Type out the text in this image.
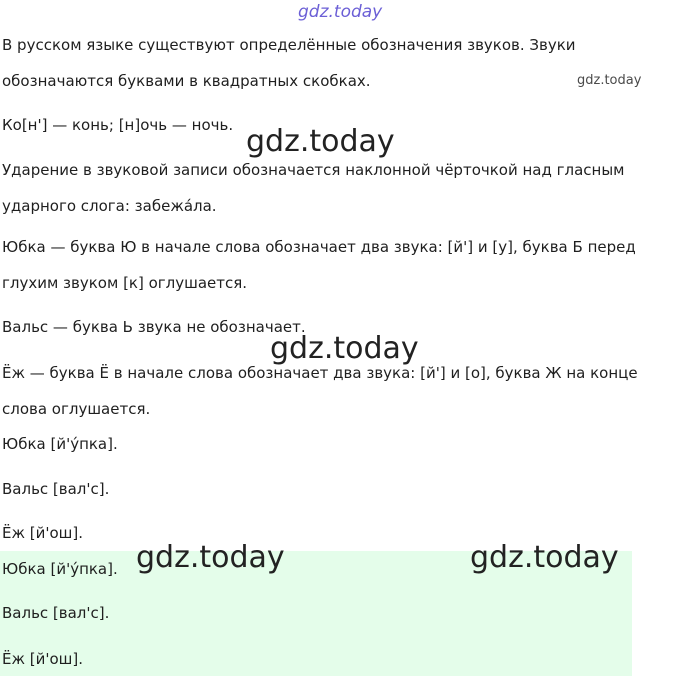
gdz.today

В русском языке существуют определённые обозначения звуков. Звуки обозначаются буквами в квадратных скобках.	gdz.today

Ко[н'] — конь; [н]очь — ночь. gdz.today

Ударение в звуковой записи обозначается наклонной чёрточкой над гласным ударного слога: забежа́ла.

Юбка — буква Ю в начале слова обозначает два звука: [й'] и [у], буква Б перед глухим звуком [к] оглушается.

Вальс — буква Ь звука не обозначает.

gdz.today

Ёж — буква Ё в начале слова обозначает два звука: [й'] и [о], буква Ж на конце слова оглушается.

Юбка [й'у́пка].

Вальс [вал'с].

Ёж [й'ош].

Юбка [й'у́пка].

Вальс [вал'с].

Ёж [й'ош].

gdz.today	gdz.today
